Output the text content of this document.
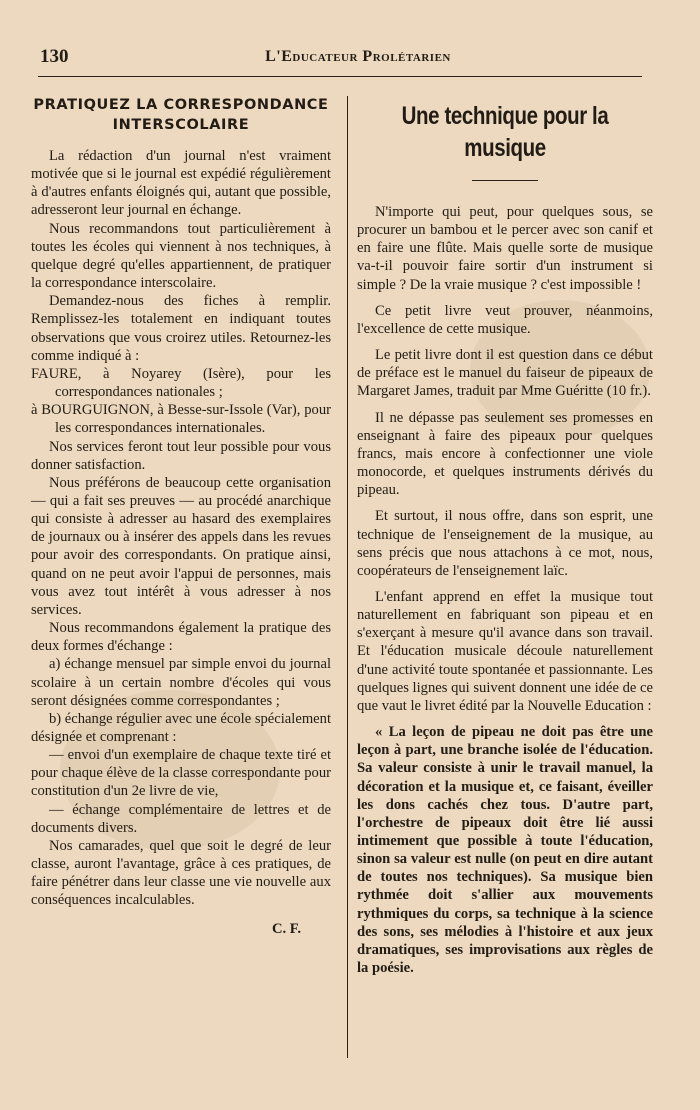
130	L'Educateur Prolétarien
PRATIQUEZ LA CORRESPONDANCE INTERSCOLAIRE

La rédaction d'un journal n'est vraiment motivée que si le journal est expédié régulièrement à d'autres enfants éloignés qui, autant que possible, adresseront leur journal en échange.

Nous recommandons tout particulièrement à toutes les écoles qui viennent à nos techniques, à quelque degré qu'elles appartiennent, de pratiquer la correspondance interscolaire.

Demandez-nous des fiches à remplir. Remplissez-les totalement en indiquant toutes observations que vous croirez utiles. Retournez-les comme indiqué à :

FAURE, à Noyarey (Isère), pour les correspondances nationales ;

à BOURGUIGNON, à Besse-sur-Issole (Var), pour les correspondances internationales.

Nos services feront tout leur possible pour vous donner satisfaction.

Nous préférons de beaucoup cette organisation — qui a fait ses preuves — au procédé anarchique qui consiste à adresser au hasard des exemplaires de journaux ou à insérer des appels dans les revues pour avoir des correspondants. On pratique ainsi, quand on ne peut avoir l'appui de personnes, mais vous avez tout intérêt à vous adresser à nos services.

Nous recommandons également la pratique des deux formes d'échange :

a) échange mensuel par simple envoi du journal scolaire à un certain nombre d'écoles qui vous seront désignées comme correspondantes ;

b) échange régulier avec une école spécialement désignée et comprenant :

— envoi d'un exemplaire de chaque texte tiré et pour chaque élève de la classe correspondante pour constitution d'un 2e livre de vie,

— échange complémentaire de lettres et de documents divers.

Nos camarades, quel que soit le degré de leur classe, auront l'avantage, grâce à ces pratiques, de faire pénétrer dans leur classe une vie nouvelle aux conséquences incalculables.

C. F.
Une technique pour la musique

N'importe qui peut, pour quelques sous, se procurer un bambou et le percer avec son canif et en faire une flûte. Mais quelle sorte de musique va-t-il pouvoir faire sortir d'un instrument si simple ? De la vraie musique ? c'est impossible !

Ce petit livre veut prouver, néanmoins, l'excellence de cette musique.

Le petit livre dont il est question dans ce début de préface est le manuel du faiseur de pipeaux de Margaret James, traduit par Mme Guéritte (10 fr.).

Il ne dépasse pas seulement ses promesses en enseignant à faire des pipeaux pour quelques francs, mais encore à confectionner une viole monocorde, et quelques instruments dérivés du pipeau.

Et surtout, il nous offre, dans son esprit, une technique de l'enseignement de la musique, au sens précis que nous attachons à ce mot, nous, coopérateurs de l'enseignement laïc.

L'enfant apprend en effet la musique tout naturellement en fabriquant son pipeau et en s'exerçant à mesure qu'il avance dans son travail. Et l'éducation musicale découle naturellement d'une activité toute spontanée et passionnante. Les quelques lignes qui suivent donnent une idée de ce que vaut le livret édité par la Nouvelle Education :

« La leçon de pipeau ne doit pas être une leçon à part, une branche isolée de l'éducation. Sa valeur consiste à unir le travail manuel, la décoration et la musique et, ce faisant, éveiller les dons cachés chez tous. D'autre part, l'orchestre de pipeaux doit être lié aussi intimement que possible à toute l'éducation, sinon sa valeur est nulle (on peut en dire autant de toutes nos techniques). Sa musique bien rythmée doit s'allier aux mouvements rythmiques du corps, sa technique à la science des sons, ses mélodies à l'histoire et aux jeux dramatiques, ses improvisations aux règles de la poésie.
